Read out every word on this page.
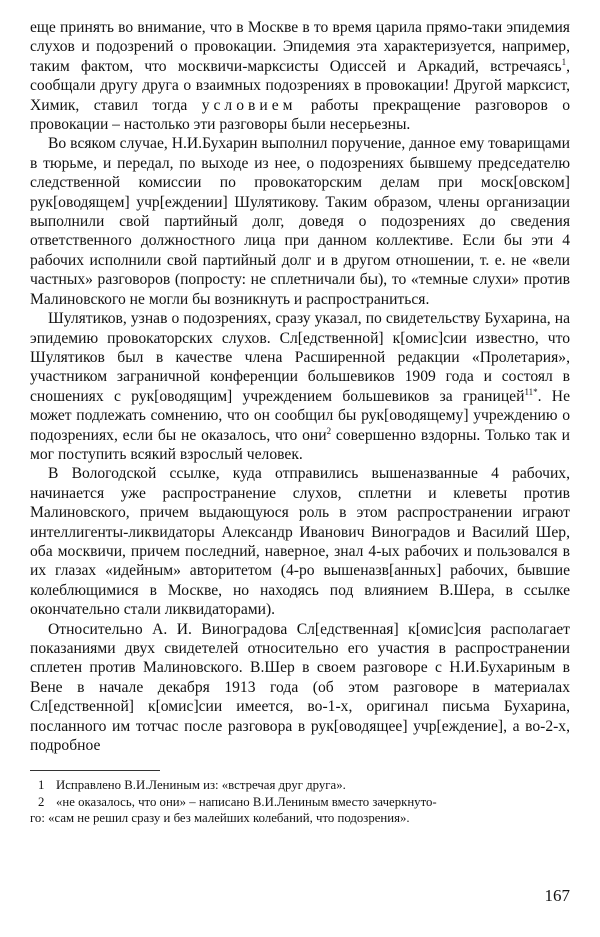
еще принять во внимание, что в Москве в то время царила прямо-таки эпидемия слухов и подозрений о провокации. Эпидемия эта характеризуется, например, таким фактом, что москвичи-марксисты Одиссей и Аркадий, встречаясь$^1$, сообщали другу друга о взаимных подозрениях в провокации! Другой марксист, Химик, ставил тогда условием работы прекращение разговоров о провокации – настолько эти разговоры были несерьезны.

Во всяком случае, Н.И.Бухарин выполнил поручение, данное ему товарищами в тюрьме, и передал, по выходе из нее, о подозрениях бывшему председателю следственной комиссии по провокаторским делам при моск[овском] рук[оводящем] учр[еждении] Шулятикову. Таким образом, члены организации выполнили свой партийный долг, доведя о подозрениях до сведения ответственного должностного лица при данном коллективе. Если бы эти 4 рабочих исполнили свой партийный долг и в другом отношении, т. е. не «вели частных» разговоров (попросту: не сплетничали бы), то «темные слухи» против Малиновского не могли бы возникнуть и распространиться.

Шулятиков, узнав о подозрениях, сразу указал, по свидетельству Бухарина, на эпидемию провокаторских слухов. Сл[едственной] к[омис]сии известно, что Шулятиков был в качестве члена Расширенной редакции «Пролетария», участником заграничной конференции большевиков 1909 года и состоял в сношениях с рук[оводящим] учреждением большевиков за границей$^{11*}$. Не может подлежать сомнению, что он сообщил бы рук[оводящему] учреждению о подозрениях, если бы не оказалось, что они$^2$ совершенно вздорны. Только так и мог поступить всякий взрослый человек.

В Вологодской ссылке, куда отправились вышеназванные 4 рабочих, начинается уже распространение слухов, сплетни и клеветы против Малиновского, причем выдающуюся роль в этом распространении играют интеллигенты-ликвидаторы Александр Иванович Виноградов и Василий Шер, оба москвичи, причем последний, наверное, знал 4-ых рабочих и пользовался в их глазах «идейным» авторитетом (4-ро вышеназв[анных] рабочих, бывшие колеблющимися в Москве, но находясь под влиянием В.Шера, в ссылке окончательно стали ликвидаторами).

Относительно А. И. Виноградова Сл[едственная] к[омис]сия располагает показаниями двух свидетелей относительно его участия в распространении сплетен против Малиновского. В.Шер в своем разговоре с Н.И.Бухариным в Вене в начале декабря 1913 года (об этом разговоре в материалах Сл[едственной] к[омис]сии имеется, во-1-х, оригинал письма Бухарина, посланного им тотчас после разговора в рук[оводящее] учр[еждение], а во-2-х, подробное

1 Исправлено В.И.Лениным из: «встречая друг друга».

2 «не оказалось, что они» – написано В.И.Лениным вместо зачеркнуто-
го: «сам не решил сразу и без малейших колебаний, что подозрения».

167
